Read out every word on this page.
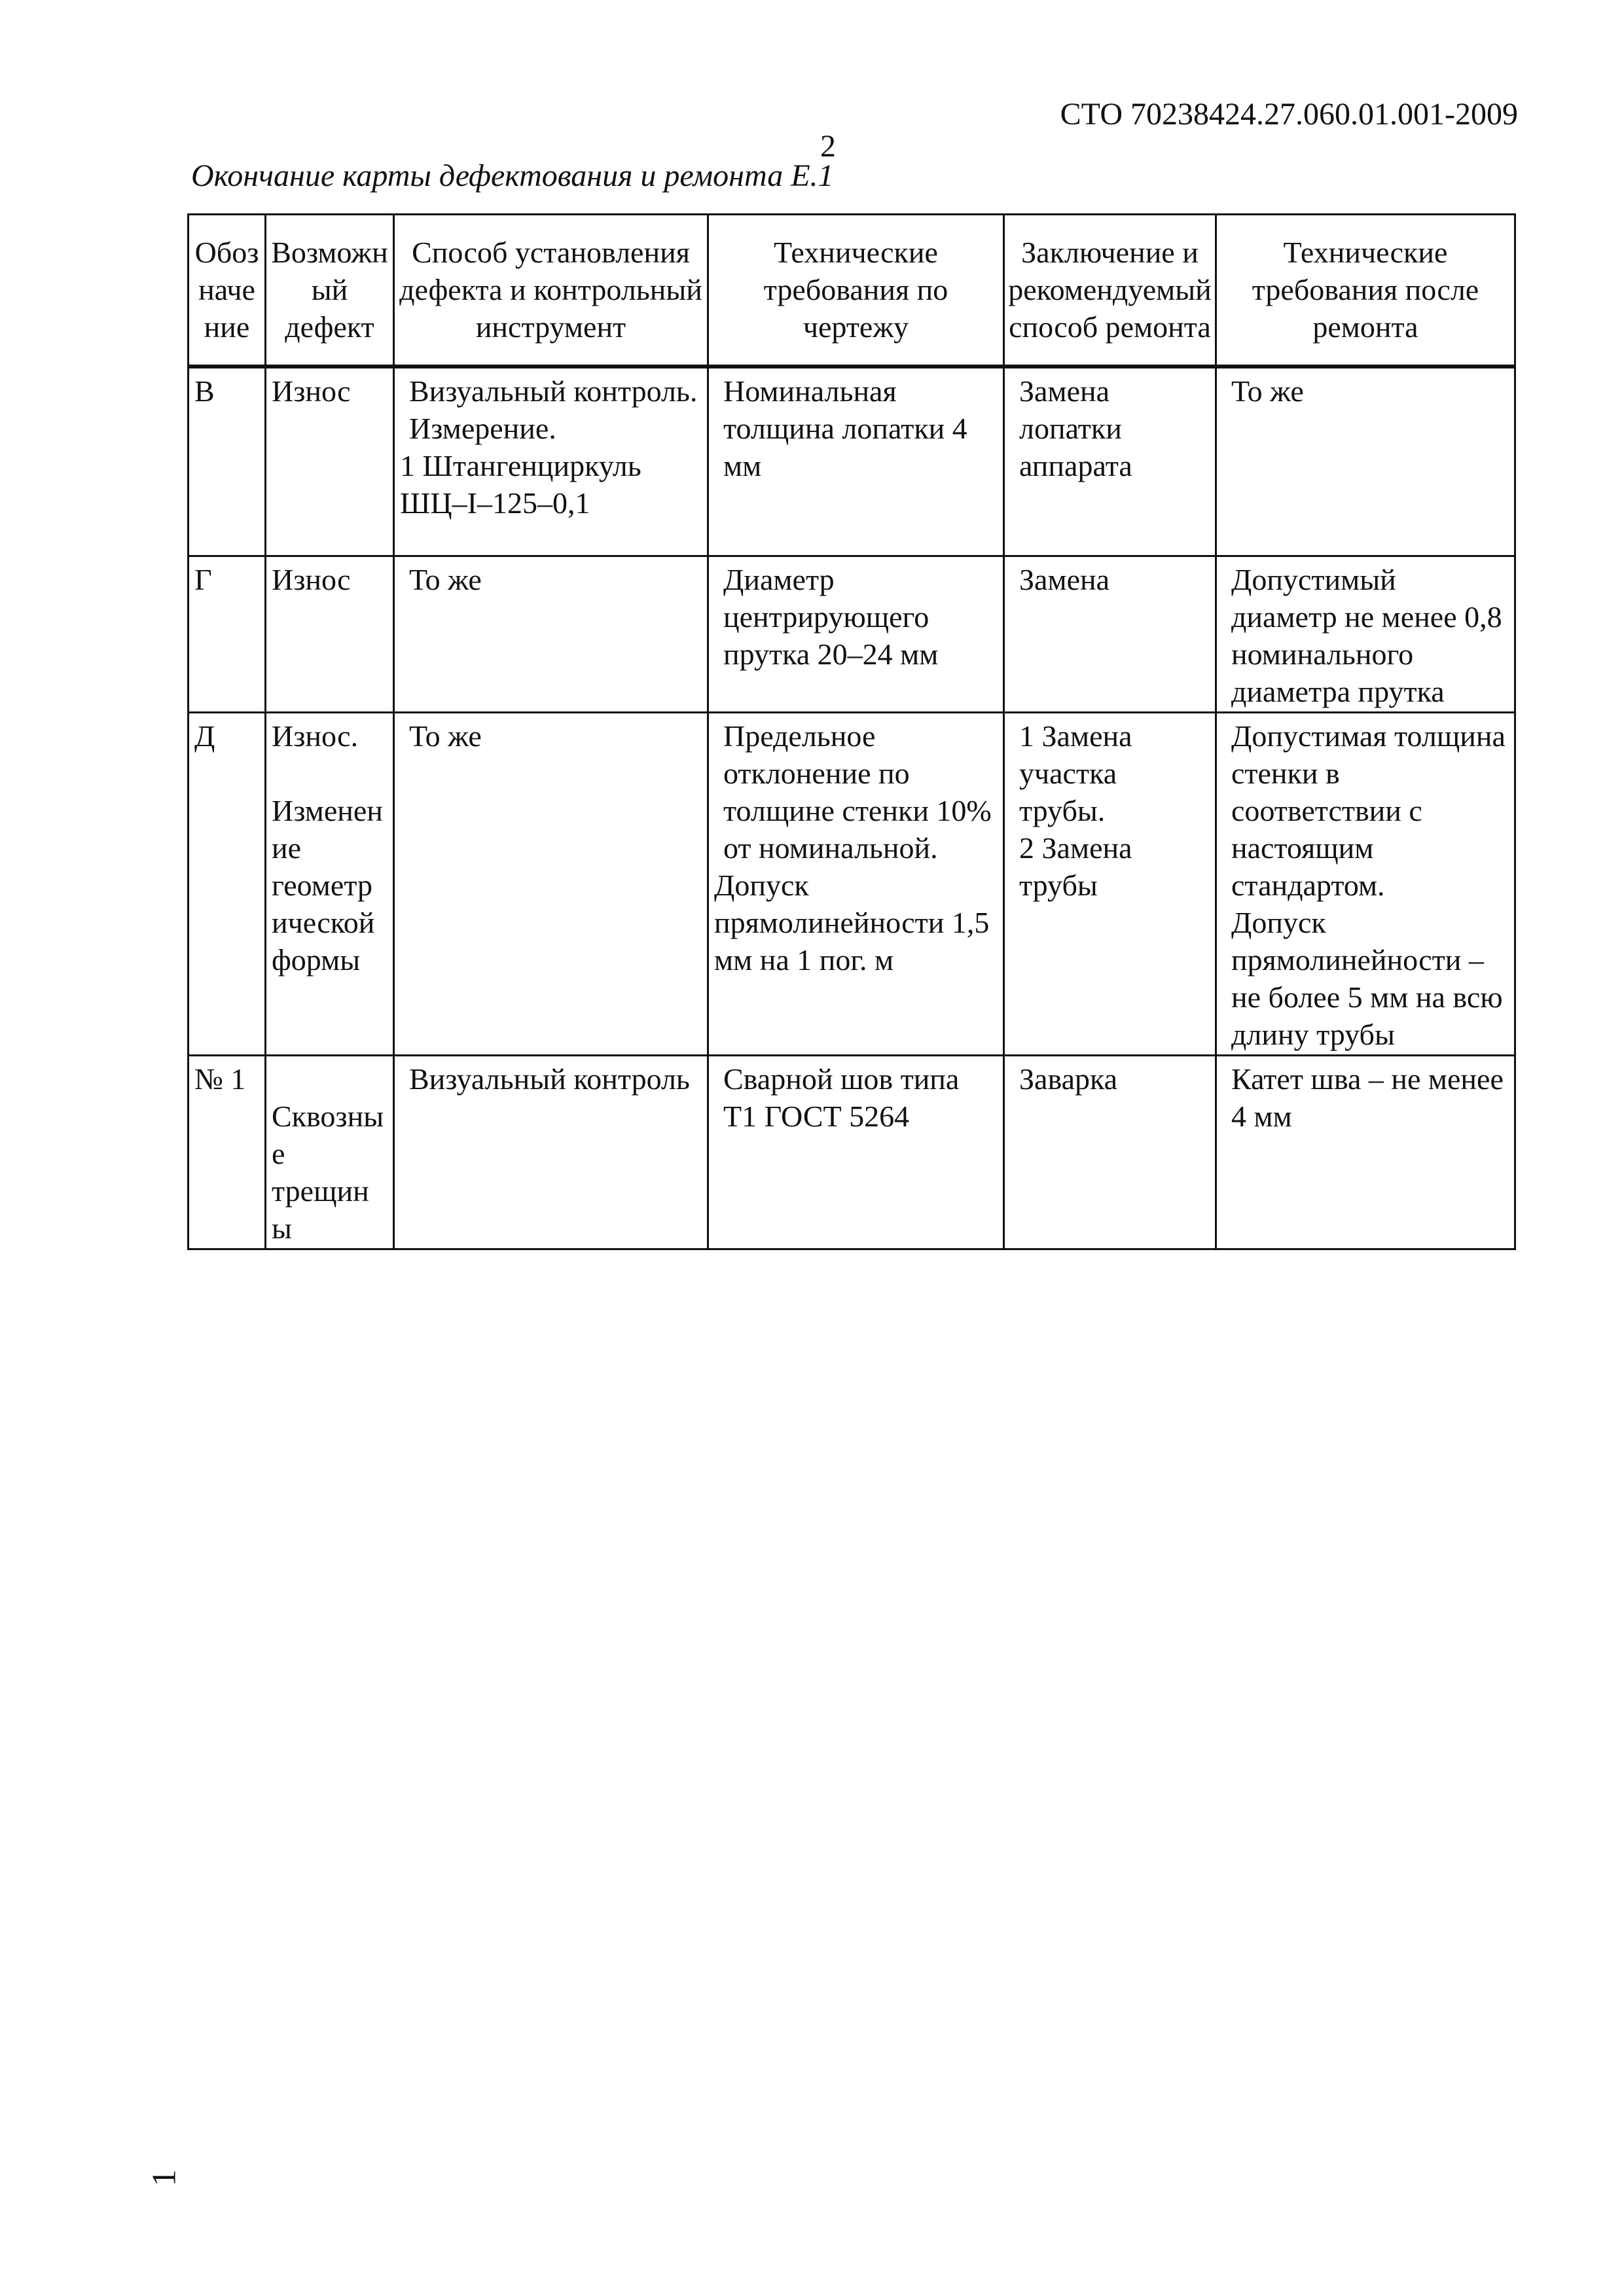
СТО 70238424.27.060.01.001-2009
2
Окончание карты дефектования и ремонта Е.1
Обозначение	Возможный дефект	Способ установления дефекта и контрольный инструмент	Технические требования по чертежу	Заключение и рекомендуемый способ ремонта	Технические требования после ремонта
В	Износ	Визуальный контроль.
Измерение.
1 Штангенциркуль ШЦ–I–125–0,1	Номинальная толщина лопатки 4 мм	Замена лопатки аппарата	То же

Г	Износ	То же	Диаметр центрирующего прутка 20–24 мм	Замена	Допустимый диаметр не менее 0,8 номинального диаметра прутка

Д	Износ.
Изменение геометрической формы	То же	Предельное отклонение по толщине стенки 10% от номинальной.
Допуск прямолинейности 1,5 мм на 1 пог. м	1 Замена участка трубы.
2 Замена трубы	Допустимая толщина стенки в соответствии с настоящим стандартом.
Допуск прямолинейности – не более 5 мм на всю длину трубы

№ 1	Сквозные трещины	Визуальный контроль	Сварной шов типа Т1 ГОСТ 5264	Заварка	Катет шва – не менее 4 мм
1
